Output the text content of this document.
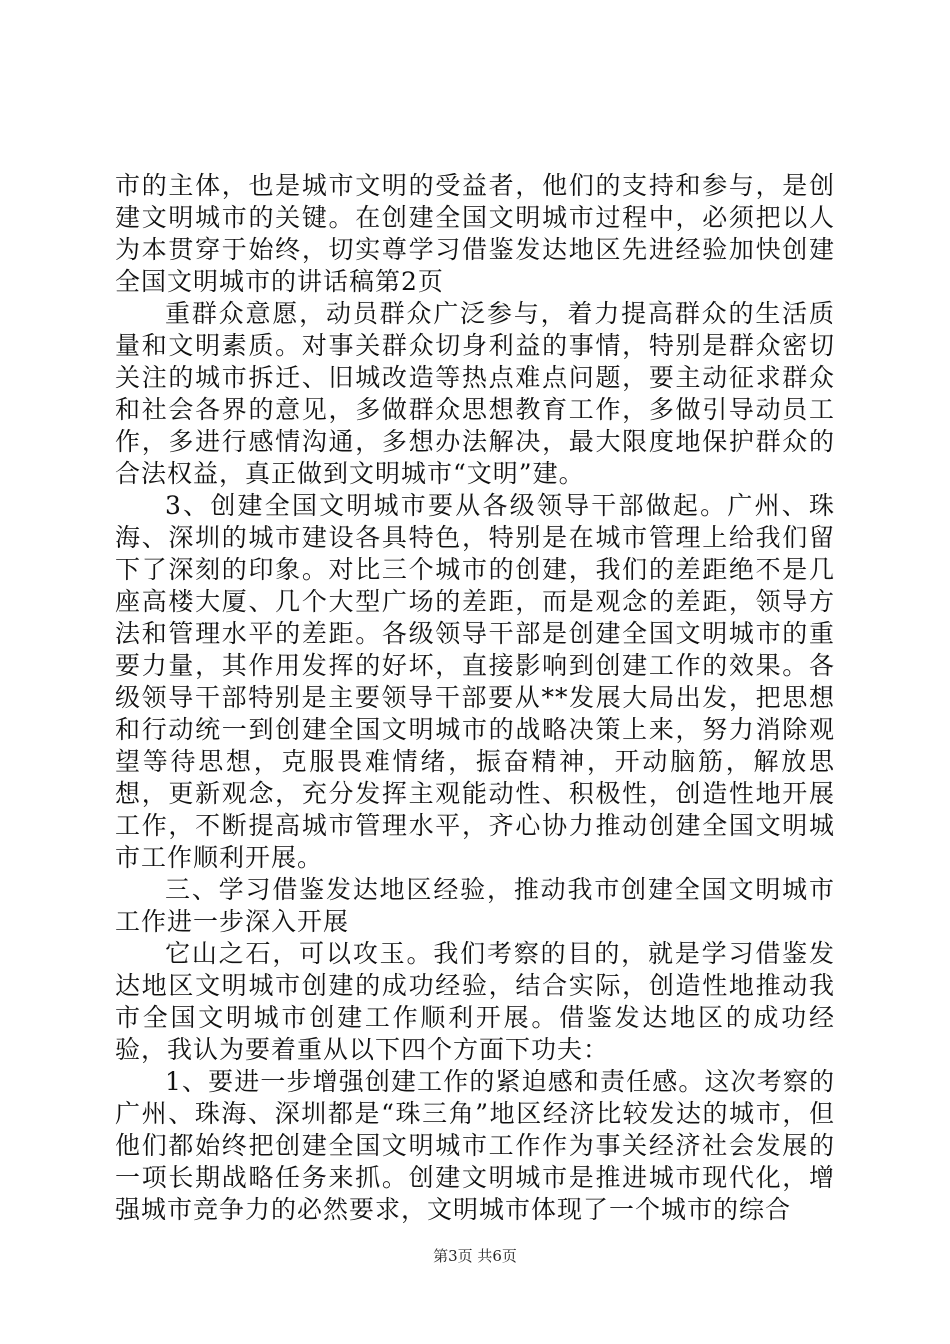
市的主体，也是城市文明的受益者，他们的支持和参与，是创建文明城市的关键。在创建全国文明城市过程中，必须把以人为本贯穿于始终，切实尊学习借鉴发达地区先进经验加快创建全国文明城市的讲话稿第2页

重群众意愿，动员群众广泛参与，着力提高群众的生活质量和文明素质。对事关群众切身利益的事情，特别是群众密切关注的城市拆迁、旧城改造等热点难点问题，要主动征求群众和社会各界的意见，多做群众思想教育工作，多做引导动员工作，多进行感情沟通，多想办法解决，最大限度地保护群众的合法权益，真正做到文明城市“文明”建。

3、创建全国文明城市要从各级领导干部做起。广州、珠海、深圳的城市建设各具特色，特别是在城市管理上给我们留下了深刻的印象。对比三个城市的创建，我们的差距绝不是几座高楼大厦、几个大型广场的差距，而是观念的差距，领导方法和管理水平的差距。各级领导干部是创建全国文明城市的重要力量，其作用发挥的好坏，直接影响到创建工作的效果。各级领导干部特别是主要领导干部要从**发展大局出发，把思想和行动统一到创建全国文明城市的战略决策上来，努力消除观望等待思想，克服畏难情绪，振奋精神，开动脑筋，解放思想，更新观念，充分发挥主观能动性、积极性，创造性地开展工作，不断提高城市管理水平，齐心协力推动创建全国文明城市工作顺利开展。

三、学习借鉴发达地区经验，推动我市创建全国文明城市工作进一步深入开展

它山之石，可以攻玉。我们考察的目的，就是学习借鉴发达地区文明城市创建的成功经验，结合实际，创造性地推动我市全国文明城市创建工作顺利开展。借鉴发达地区的成功经验，我认为要着重从以下四个方面下功夫：

1、要进一步增强创建工作的紧迫感和责任感。这次考察的广州、珠海、深圳都是“珠三角”地区经济比较发达的城市，但他们都始终把创建全国文明城市工作作为事关经济社会发展的一项长期战略任务来抓。创建文明城市是推进城市现代化，增强城市竞争力的必然要求，文明城市体现了一个城市的综合

第3页 共6页
